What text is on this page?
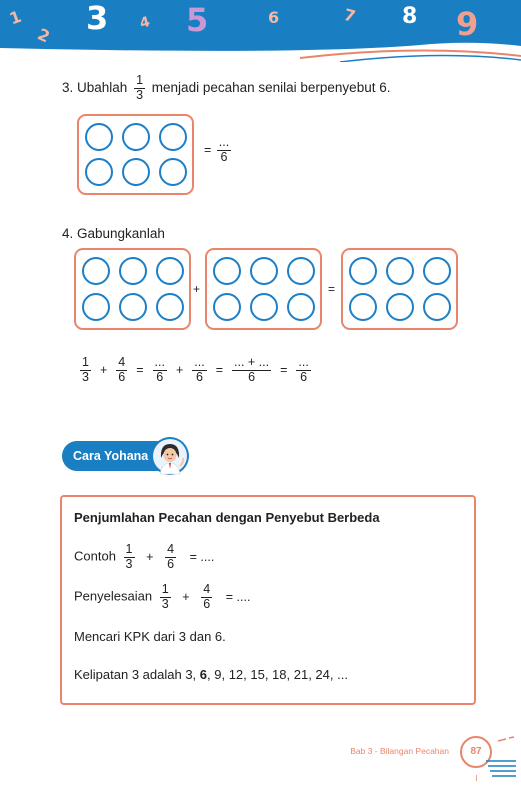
1
2 3 4 5	6	7 8 9
3. Ubahlah $\frac{1}{3}$ menjadi pecahan senilai berpenyebut 6.
= $\frac{...}{6}$
4. Gabungkanlah
+	=
$\frac{1}{3} + \frac{4}{6} = \frac{...}{6} + \frac{...}{6} = \frac{... + ...}{6} = \frac{...}{6}$
Cara Yohana
Penjumlahan Pecahan dengan Penyebut Berbeda
Contoh $\frac{1}{3} + \frac{4}{6}$ = ....
Penyelesaian $\frac{1}{3} + \frac{4}{6}$ = ....
Mencari KPK dari 3 dan 6.
Kelipatan 3 adalah 3, 6, 9, 12, 15, 18, 21, 24, ...
Bab 3 - Bilangan Pecahan	87
